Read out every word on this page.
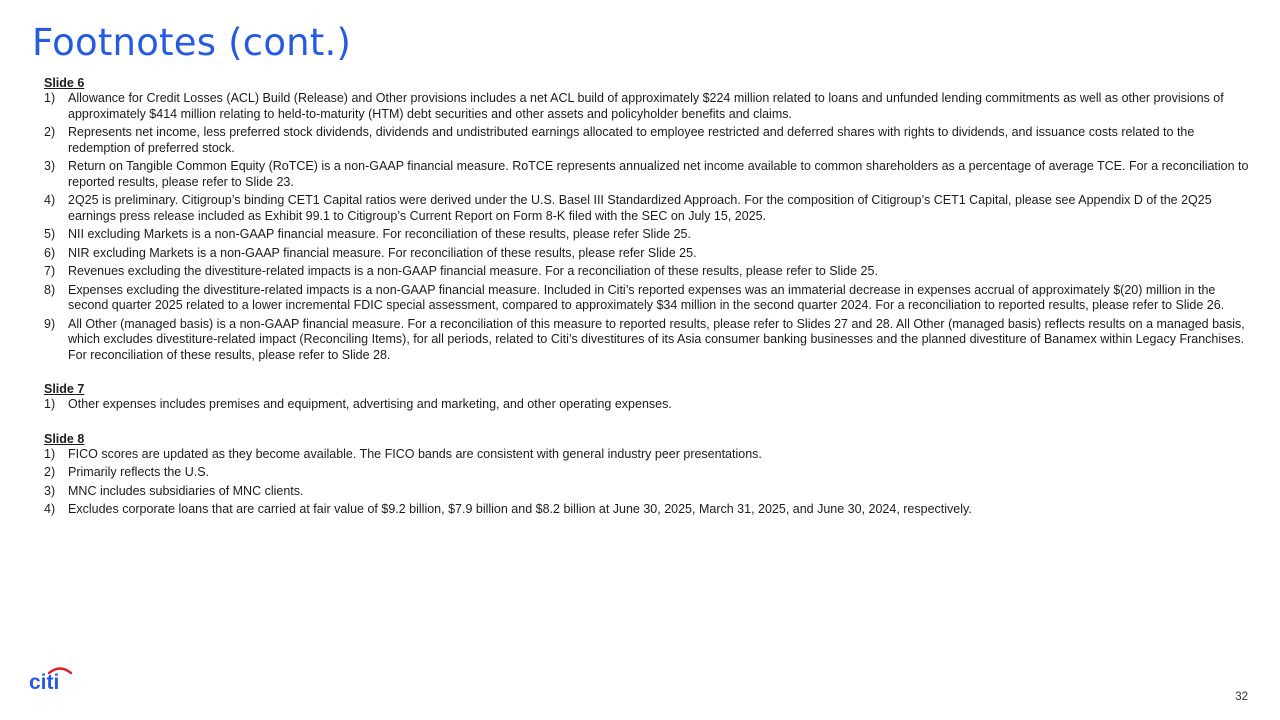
Footnotes (cont.)
Slide 6
1) Allowance for Credit Losses (ACL) Build (Release) and Other provisions includes a net ACL build of approximately $224 million related to loans and unfunded lending commitments as well as other provisions of approximately $414 million relating to held-to-maturity (HTM) debt securities and other assets and policyholder benefits and claims.
2) Represents net income, less preferred stock dividends, dividends and undistributed earnings allocated to employee restricted and deferred shares with rights to dividends, and issuance costs related to the redemption of preferred stock.
3) Return on Tangible Common Equity (RoTCE) is a non-GAAP financial measure. RoTCE represents annualized net income available to common shareholders as a percentage of average TCE. For a reconciliation to reported results, please refer to Slide 23.
4) 2Q25 is preliminary. Citigroup’s binding CET1 Capital ratios were derived under the U.S. Basel III Standardized Approach. For the composition of Citigroup’s CET1 Capital, please see Appendix D of the 2Q25 earnings press release included as Exhibit 99.1 to Citigroup’s Current Report on Form 8-K filed with the SEC on July 15, 2025.
5) NII excluding Markets is a non-GAAP financial measure. For reconciliation of these results, please refer Slide 25.
6) NIR excluding Markets is a non-GAAP financial measure. For reconciliation of these results, please refer Slide 25.
7) Revenues excluding the divestiture-related impacts is a non-GAAP financial measure. For a reconciliation of these results, please refer to Slide 25.
8) Expenses excluding the divestiture-related impacts is a non-GAAP financial measure. Included in Citi’s reported expenses was an immaterial decrease in expenses accrual of approximately $(20) million in the second quarter 2025 related to a lower incremental FDIC special assessment, compared to approximately $34 million in the second quarter 2024. For a reconciliation to reported results, please refer to Slide 26.
9) All Other (managed basis) is a non-GAAP financial measure. For a reconciliation of this measure to reported results, please refer to Slides 27 and 28. All Other (managed basis) reflects results on a managed basis, which excludes divestiture-related impact (Reconciling Items), for all periods, related to Citi’s divestitures of its Asia consumer banking businesses and the planned divestiture of Banamex within Legacy Franchises. For reconciliation of these results, please refer to Slide 28.
Slide 7
1) Other expenses includes premises and equipment, advertising and marketing, and other operating expenses.
Slide 8
1) FICO scores are updated as they become available. The FICO bands are consistent with general industry peer presentations.
2) Primarily reflects the U.S.
3) MNC includes subsidiaries of MNC clients.
4) Excludes corporate loans that are carried at fair value of $9.2 billion, $7.9 billion and $8.2 billion at June 30, 2025, March 31, 2025, and June 30, 2024, respectively.
citi
32
